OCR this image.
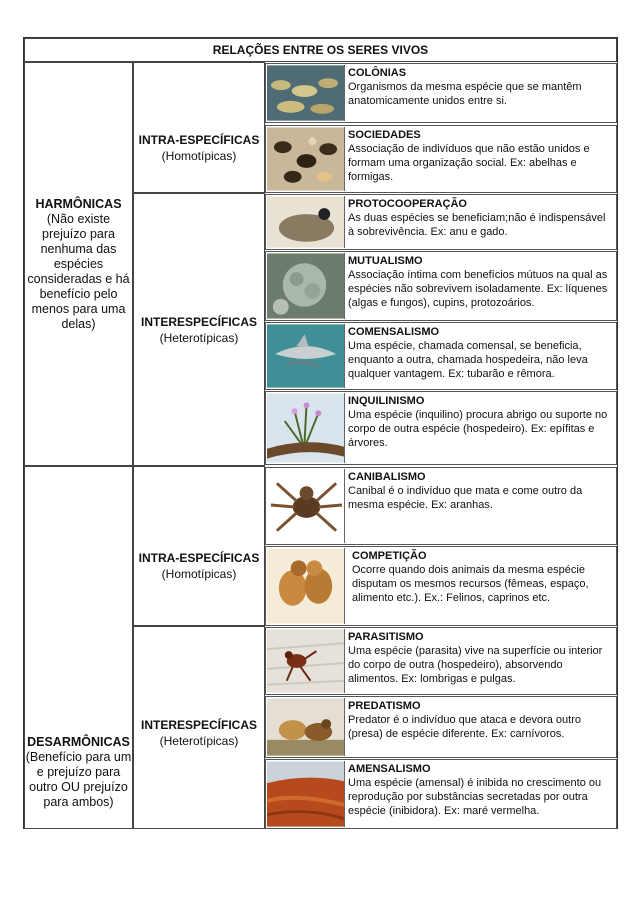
RELAÇÕES ENTRE OS SERES VIVOS
HARMÔNICAS
(Não existe prejuízo para nenhuma das espécies consideradas e há benefício pelo menos para uma delas)
DESARMÔNICAS
(Benefício para um e prejuízo para outro OU prejuízo para ambos)
INTRA-ESPECÍFICAS
(Homotípicas)
INTERESPECÍFICAS
(Heterotípicas)
INTRA-ESPECÍFICAS
(Homotípicas)
INTERESPECÍFICAS
(Heterotípicas)
COLÔNIAS
Organismos da mesma espécie que se mantêm anatomicamente unidos entre si.
SOCIEDADES
Associação de indivíduos que não estão unidos e formam uma organização social. Ex: abelhas e formigas.
PROTOCOOPERAÇÃO
As duas espécies se beneficiam;não é indispensável à sobrevivência. Ex: anu e gado.
MUTUALISMO
Associação íntima com benefícios mútuos na qual as espécies não sobrevivem isoladamente. Ex: líquenes (algas e fungos), cupins, protozoários.
COMENSALISMO
Uma espécie, chamada comensal, se beneficia, enquanto a outra, chamada hospedeira, não leva qualquer vantagem. Ex: tubarão e rêmora.
INQUILINISMO
Uma espécie (inquilino) procura abrigo ou suporte no corpo de outra espécie (hospedeiro). Ex: epífitas e árvores.
CANIBALISMO
Canibal é o indivíduo que mata e come outro da mesma espécie. Ex: aranhas.
COMPETIÇÃO
Ocorre quando dois animais da mesma espécie disputam os mesmos recursos (fêmeas, espaço, alimento etc.). Ex.: Felinos, caprinos etc.
PARASITISMO
Uma espécie (parasita) vive na superfície ou interior do corpo de outra (hospedeiro), absorvendo alimentos. Ex: lombrigas e pulgas.
PREDATISMO
Predator é o indivíduo que ataca e devora outro (presa) de espécie diferente. Ex: carnívoros.
AMENSALISMO
Uma espécie (amensal) é inibida no crescimento ou reprodução por substâncias secretadas por outra espécie (inibidora). Ex: maré vermelha.
